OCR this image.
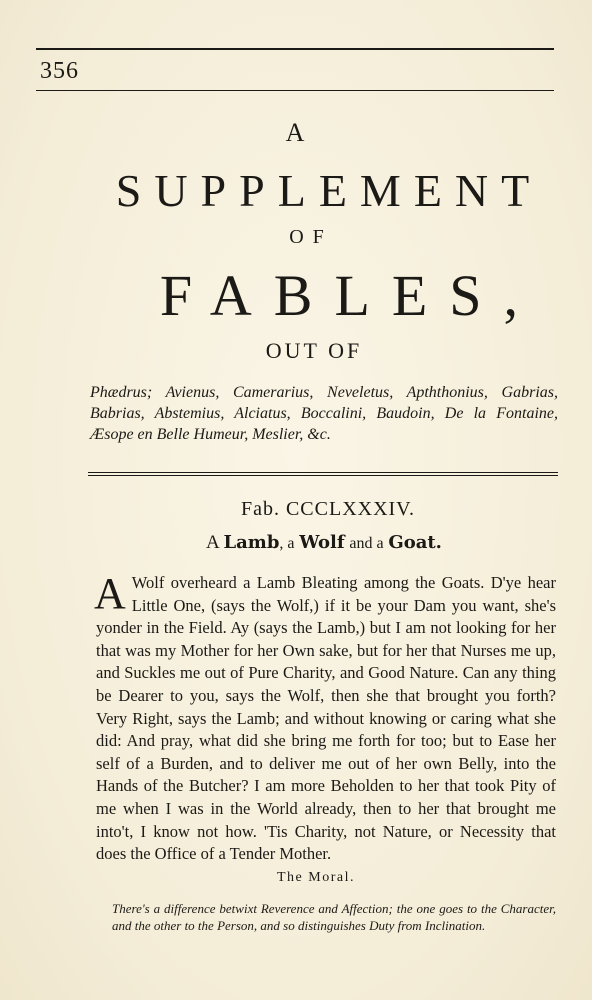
356
A
SUPPLEMENT
OF
FABLES,
OUT OF
Phædrus; Avienus, Camerarius, Neveletus, Apththonius, Gabrias, Babrias, Abstemius, Alciatus, Boccalini, Baudoin, De la Fontaine, Æsope en Belle Humeur, Meslier, &c.
Fab. CCCLXXXIV.
A Lamb, a Wolf and a Goat.
A Wolf overheard a Lamb Bleating among the Goats. D'ye hear Little One, (says the Wolf,) if it be your Dam you want, she's yonder in the Field. Ay (says the Lamb,) but I am not looking for her that was my Mother for her Own sake, but for her that Nurses me up, and Suckles me out of Pure Charity, and Good Nature. Can any thing be Dearer to you, says the Wolf, then she that brought you forth? Very Right, says the Lamb; and without knowing or caring what she did: And pray, what did she bring me forth for too; but to Ease her self of a Burden, and to deliver me out of her own Belly, into the Hands of the Butcher? I am more Beholden to her that took Pity of me when I was in the World already, then to her that brought me into't, I know not how. 'Tis Charity, not Nature, or Necessity that does the Office of a Tender Mother.
The Moral.
There's a difference betwixt Reverence and Affection; the one goes to the Character, and the other to the Person, and so distinguishes Duty from Inclination.
